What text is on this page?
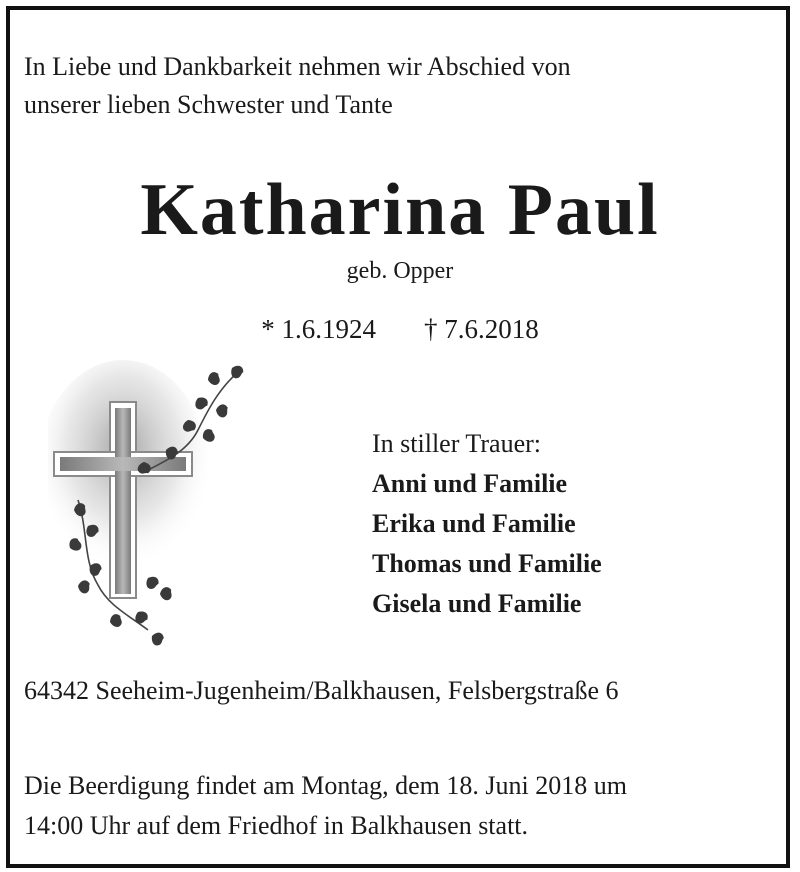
In Liebe und Dankbarkeit nehmen wir Abschied von
unserer lieben Schwester und Tante

Katharina Paul
geb. Opper
* 1.6.1924 † 7.6.2018
In stiller Trauer:
Anni und Familie
Erika und Familie
Thomas und Familie
Gisela und Familie
64342 Seeheim-Jugenheim/Balkhausen, Felsbergstraße 6
Die Beerdigung findet am Montag, dem 18. Juni 2018 um
14:00 Uhr auf dem Friedhof in Balkhausen statt.
